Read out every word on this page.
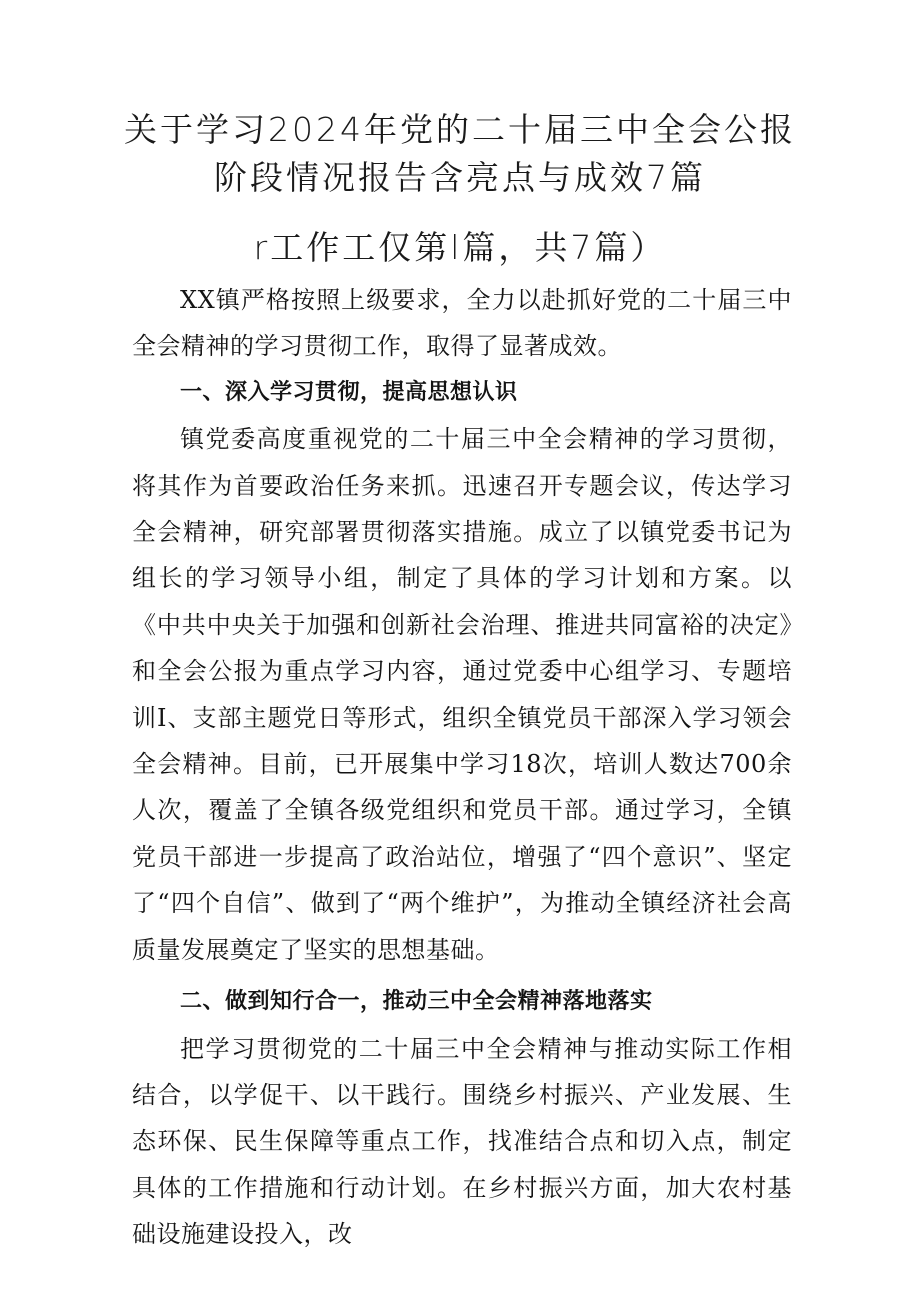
关于学习2024年党的二十届三中全会公报
阶段情况报告含亮点与成效7篇
r工作工仅第l篇，共7篇）

XX镇严格按照上级要求，全力以赴抓好党的二十届三中全会精神的学习贯彻工作，取得了显著成效。

一、深入学习贯彻，提高思想认识

镇党委高度重视党的二十届三中全会精神的学习贯彻，将其作为首要政治任务来抓。迅速召开专题会议，传达学习全会精神，研究部署贯彻落实措施。成立了以镇党委书记为组长的学习领导小组，制定了具体的学习计划和方案。以《中共中央关于加强和创新社会治理、推进共同富裕的决定》和全会公报为重点学习内容，通过党委中心组学习、专题培训I、支部主题党日等形式，组织全镇党员干部深入学习领会全会精神。目前，已开展集中学习18次，培训人数达700余人次，覆盖了全镇各级党组织和党员干部。通过学习，全镇党员干部进一步提高了政治站位，增强了“四个意识”、坚定了“四个自信”、做到了“两个维护”，为推动全镇经济社会高质量发展奠定了坚实的思想基础。

二、做到知行合一，推动三中全会精神落地落实

把学习贯彻党的二十届三中全会精神与推动实际工作相结合，以学促干、以干践行。围绕乡村振兴、产业发展、生态环保、民生保障等重点工作，找准结合点和切入点，制定具体的工作措施和行动计划。在乡村振兴方面，加大农村基础设施建设投入，改
